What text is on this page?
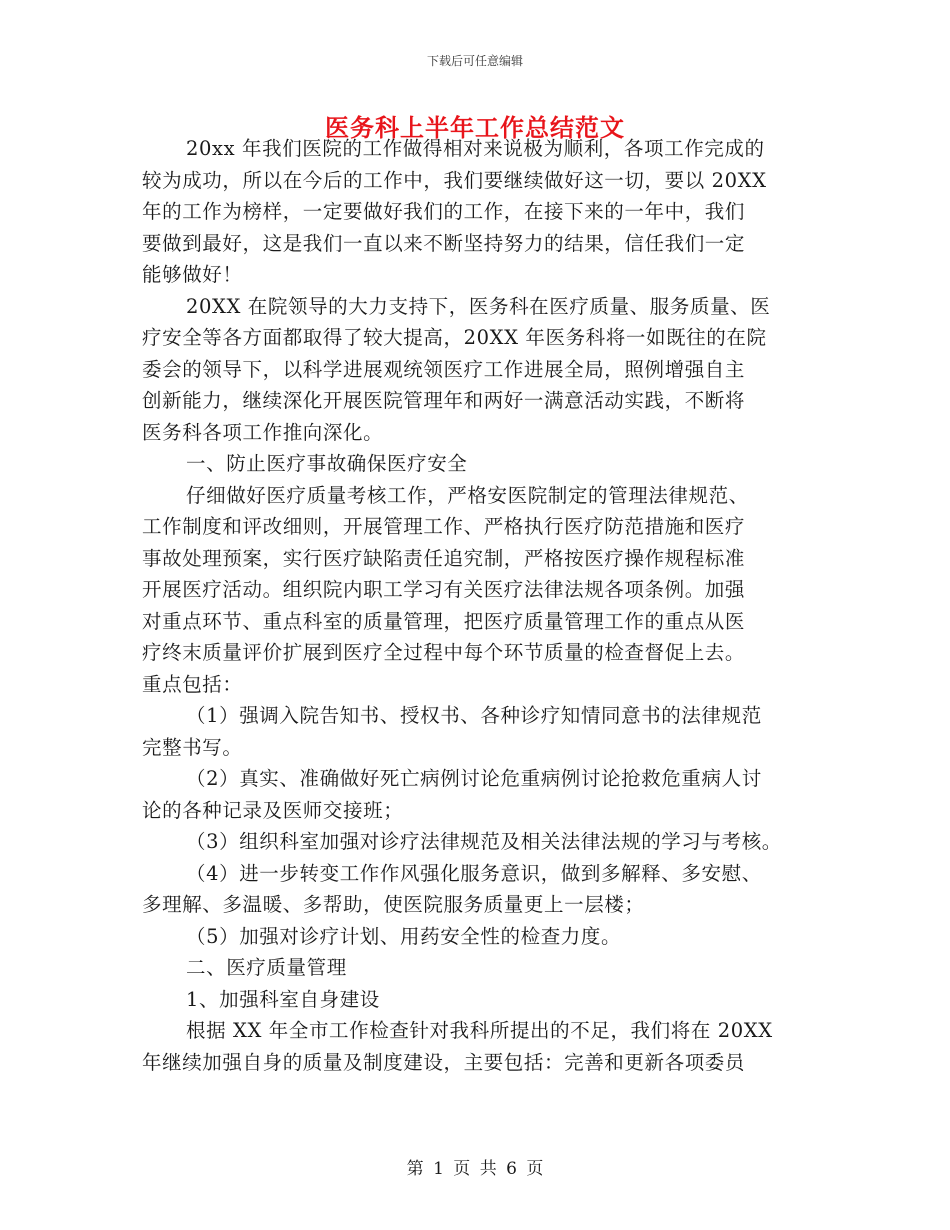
下载后可任意编辑
医务科上半年工作总结范文
20xx 年我们医院的工作做得相对来说极为顺利，各项工作完成的
较为成功，所以在今后的工作中，我们要继续做好这一切，要以 20XX
年的工作为榜样，一定要做好我们的工作，在接下来的一年中，我们
要做到最好，这是我们一直以来不断坚持努力的结果，信任我们一定
能够做好！
20XX 在院领导的大力支持下，医务科在医疗质量、服务质量、医
疗安全等各方面都取得了较大提高，20XX 年医务科将一如既往的在院
委会的领导下，以科学进展观统领医疗工作进展全局，照例增强自主
创新能力，继续深化开展医院管理年和两好一满意活动实践，不断将
医务科各项工作推向深化。
一、防止医疗事故确保医疗安全
仔细做好医疗质量考核工作，严格安医院制定的管理法律规范、
工作制度和评改细则，开展管理工作、严格执行医疗防范措施和医疗
事故处理预案，实行医疗缺陷责任追究制，严格按医疗操作规程标准
开展医疗活动。组织院内职工学习有关医疗法律法规各项条例。加强
对重点环节、重点科室的质量管理，把医疗质量管理工作的重点从医
疗终末质量评价扩展到医疗全过程中每个环节质量的检查督促上去。
重点包括：
（1）强调入院告知书、授权书、各种诊疗知情同意书的法律规范
完整书写。
（2）真实、准确做好死亡病例讨论危重病例讨论抢救危重病人讨
论的各种记录及医师交接班；
（3）组织科室加强对诊疗法律规范及相关法律法规的学习与考核。
（4）进一步转变工作作风强化服务意识，做到多解释、多安慰、
多理解、多温暖、多帮助，使医院服务质量更上一层楼；
（5）加强对诊疗计划、用药安全性的检查力度。
二、医疗质量管理
1、加强科室自身建设
根据 XX 年全市工作检查针对我科所提出的不足，我们将在 20XX
年继续加强自身的质量及制度建设，主要包括：完善和更新各项委员
第 1 页 共 6 页
